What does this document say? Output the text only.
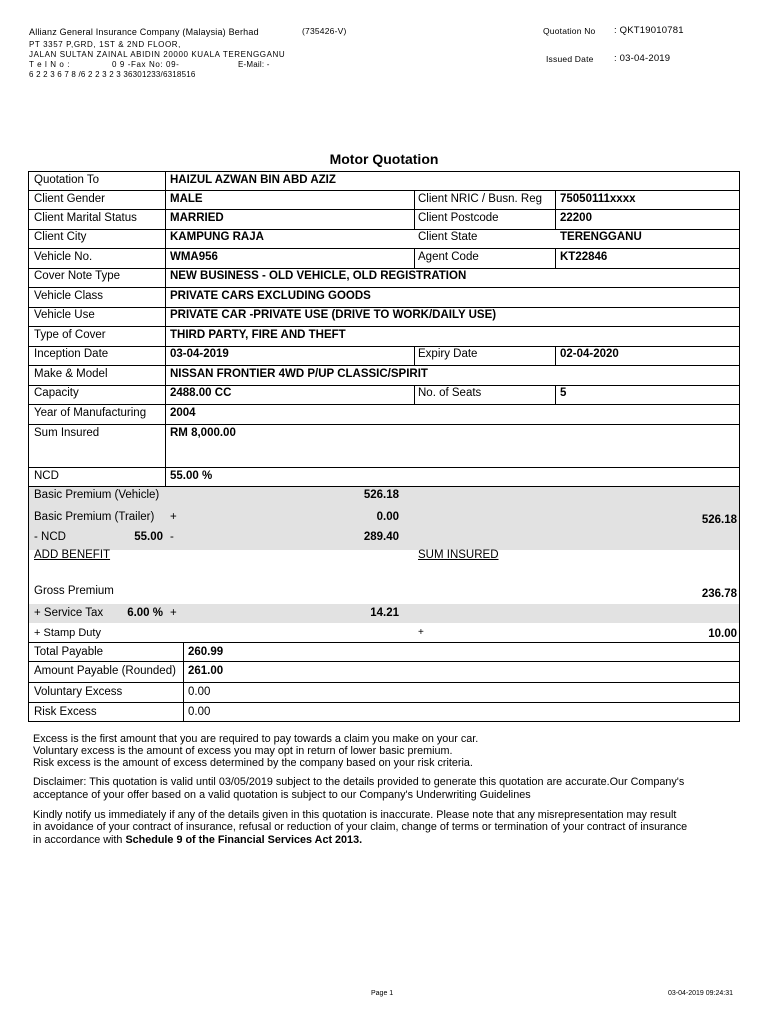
Allianz General Insurance Company (Malaysia) Berhad	(735426-V)
PT 3357 P,GRD, 1ST & 2ND FLOOR,
JALAN SULTAN ZAINAL ABIDIN 20000 KUALA TERENGGANU
T e l N o :	0 9 -Fax No: 09-	E-Mail: -
6 2 2 3 6 7 8 /6 2 2 3 2 3 36301233/6318516
Quotation No : QKT19010781
Issued Date : 03-04-2019
Motor Quotation
Quotation To	HAIZUL AZWAN BIN ABD AZIZ
Client Gender	MALE	Client NRIC / Busn. Reg 75050111xxxx
Client Marital Status	MARRIED	Client Postcode	22200
Client City	KAMPUNG RAJA	Client State	TERENGGANU
Vehicle No.	WMA956	Agent Code	KT22846
Cover Note Type	NEW BUSINESS - OLD VEHICLE, OLD REGISTRATION
Vehicle Class	PRIVATE CARS EXCLUDING GOODS
Vehicle Use	PRIVATE CAR -PRIVATE USE (DRIVE TO WORK/DAILY USE)
Type of Cover	THIRD PARTY, FIRE AND THEFT
Inception Date	03-04-2019	Expiry Date	02-04-2020
Make & Model	NISSAN FRONTIER 4WD P/UP CLASSIC/SPIRIT
Capacity	2488.00 CC	No. of Seats	5
Year of Manufacturing 2004
Sum Insured	RM 8,000.00
NCD	55.00 %
Basic Premium (Vehicle)	526.18
Basic Premium (Trailer) +	0.00	526.18
- NCD	55.00 -	289.40
ADD BENEFIT	SUM INSURED
Gross Premium	236.78
+ Service Tax	6.00 % +	14.21
+ Stamp Duty	+	10.00
Total Payable	260.99
Amount Payable (Rounded) 261.00
Voluntary Excess	0.00
Risk Excess	0.00
Excess is the first amount that you are required to pay towards a claim you make on your car.
Voluntary excess is the amount of excess you may opt in return of lower basic premium.
Risk excess is the amount of excess determined by the company based on your risk criteria.
Disclaimer: This quotation is valid until 03/05/2019 subject to the details provided to generate this quotation are accurate.Our Company's
acceptance of your offer based on a valid quotation is subject to our Company's Underwriting Guidelines
Kindly notify us immediately if any of the details given in this quotation is inaccurate. Please note that any misrepresentation may result
in avoidance of your contract of insurance, refusal or reduction of your claim, change of terms or termination of your contract of insurance
in accordance with Schedule 9 of the Financial Services Act 2013.
Page 1	03-04-2019 09:24:31
